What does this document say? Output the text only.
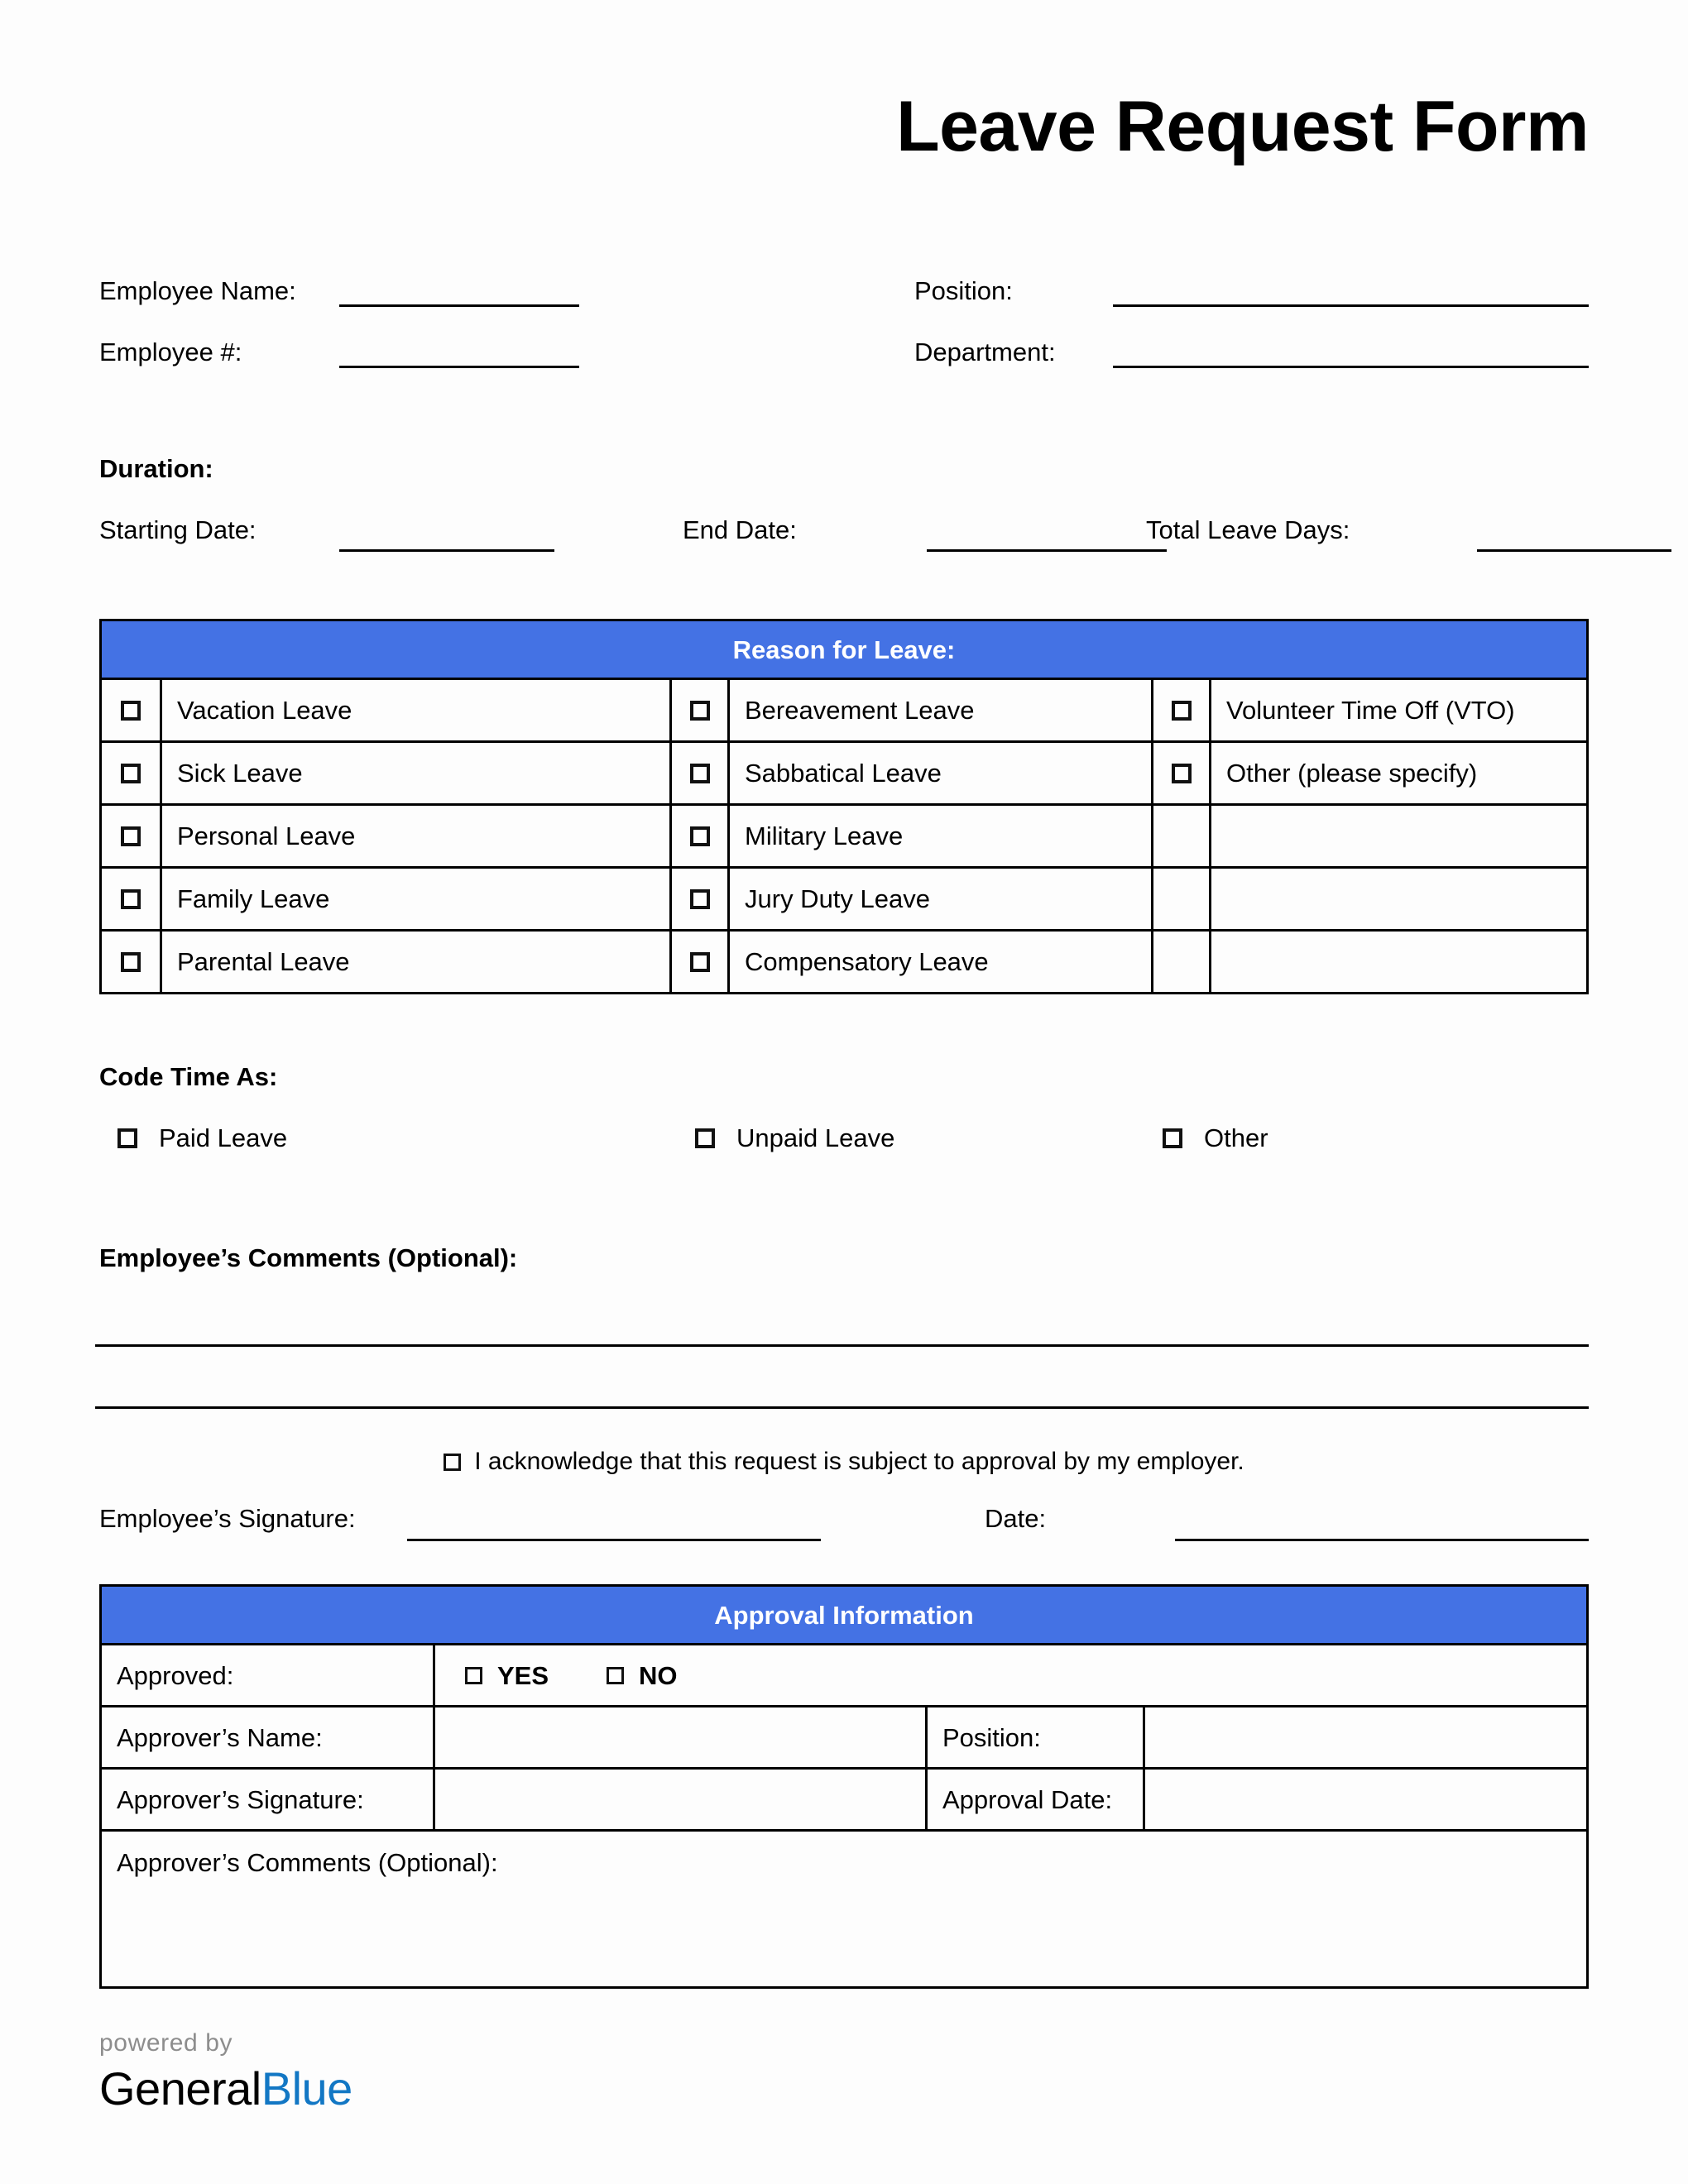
Leave Request Form
Employee Name:	Position:
Employee #:	Department:
Duration:
Starting Date:	End Date:	Total Leave Days:
Reason for Leave:
Vacation Leave	Bereavement Leave	Volunteer Time Off (VTO)
Sick Leave	Sabbatical Leave	Other (please specify)
Personal Leave	Military Leave
Family Leave	Jury Duty Leave
Parental Leave	Compensatory Leave
Code Time As:
Paid Leave	Unpaid Leave	Other
Employee’s Comments (Optional):
I acknowledge that this request is subject to approval by my employer.
Employee’s Signature:	Date:
Approval Information
Approved:	YES	NO
Approver’s Name:	Position:
Approver’s Signature:	Approval Date:
Approver’s Comments (Optional):
powered by
GeneralBlue
